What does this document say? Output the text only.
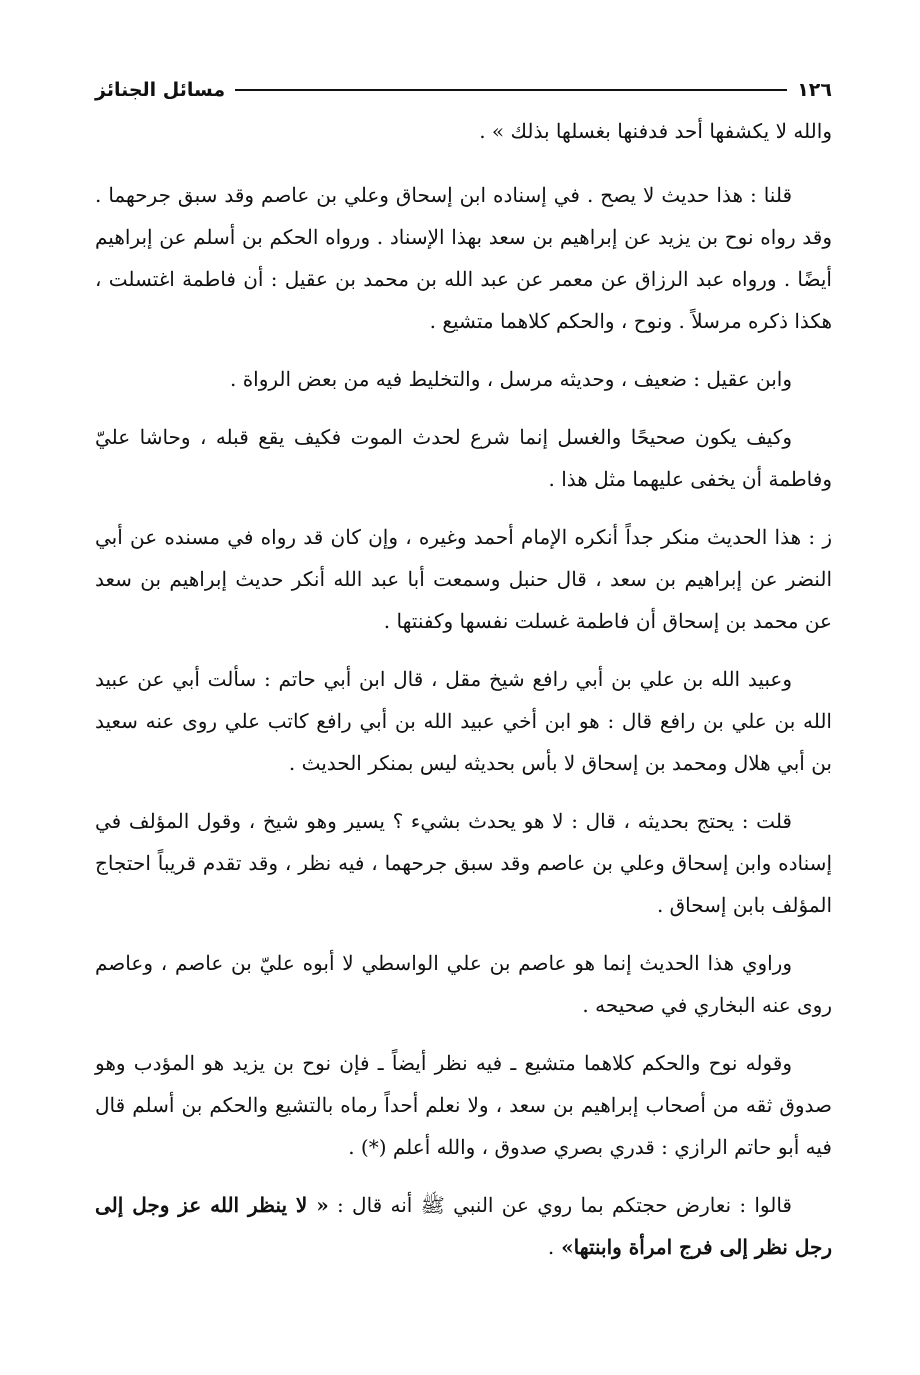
١٢٦
مسائل الجنائز

والله لا يكشفها أحد فدفنها بغسلها بذلك » .

قلنا : هذا حديث لا يصح . في إسناده ابن إسحاق وعلي بن عاصم وقد سبق جرحهما . وقد رواه نوح بن يزيد عن إبراهيم بن سعد بهذا الإسناد . ورواه الحكم بن أسلم عن إبراهيم أيضًا . ورواه عبد الرزاق عن معمر عن عبد الله بن محمد بن عقيل : أن فاطمة اغتسلت ، هكذا ذكره مرسلاً . ونوح ، والحكم كلاهما متشيع .

وابن عقيل : ضعيف ، وحديثه مرسل ، والتخليط فيه من بعض الرواة .

وكيف يكون صحيحًا والغسل إنما شرع لحدث الموت فكيف يقع قبله ، وحاشا عليّ وفاطمة أن يخفى عليهما مثل هذا .

ز : هذا الحديث منكر جداً أنكره الإمام أحمد وغيره ، وإن كان قد رواه في مسنده عن أبي النضر عن إبراهيم بن سعد ، قال حنبل وسمعت أبا عبد الله أنكر حديث إبراهيم بن سعد عن محمد بن إسحاق أن فاطمة غسلت نفسها وكفنتها .

وعبيد الله بن علي بن أبي رافع شيخ مقل ، قال ابن أبي حاتم : سألت أبي عن عبيد الله بن علي بن رافع قال : هو ابن أخي عبيد الله بن أبي رافع كاتب علي روى عنه سعيد بن أبي هلال ومحمد بن إسحاق لا بأس بحديثه ليس بمنكر الحديث .

قلت : يحتج بحديثه ، قال : لا هو يحدث بشيء ؟ يسير وهو شيخ ، وقول المؤلف في إسناده وابن إسحاق وعلي بن عاصم وقد سبق جرحهما ، فيه نظر ، وقد تقدم قريباً احتجاج المؤلف بابن إسحاق .

وراوي هذا الحديث إنما هو عاصم بن علي الواسطي لا أبوه عليّ بن عاصم ، وعاصم روى عنه البخاري في صحيحه .

وقوله نوح والحكم كلاهما متشيع ـ فيه نظر أيضاً ـ فإن نوح بن يزيد هو المؤدب وهو صدوق ثقه من أصحاب إبراهيم بن سعد ، ولا نعلم أحداً رماه بالتشيع والحكم بن أسلم قال فيه أبو حاتم الرازي : قدري بصري صدوق ، والله أعلم (*) .

قالوا : نعارض حجتكم بما روي عن النبي ﷺ أنه قال : « لا ينظر الله عز وجل إلى رجل نظر إلى فرج امرأة وابنتها» .
